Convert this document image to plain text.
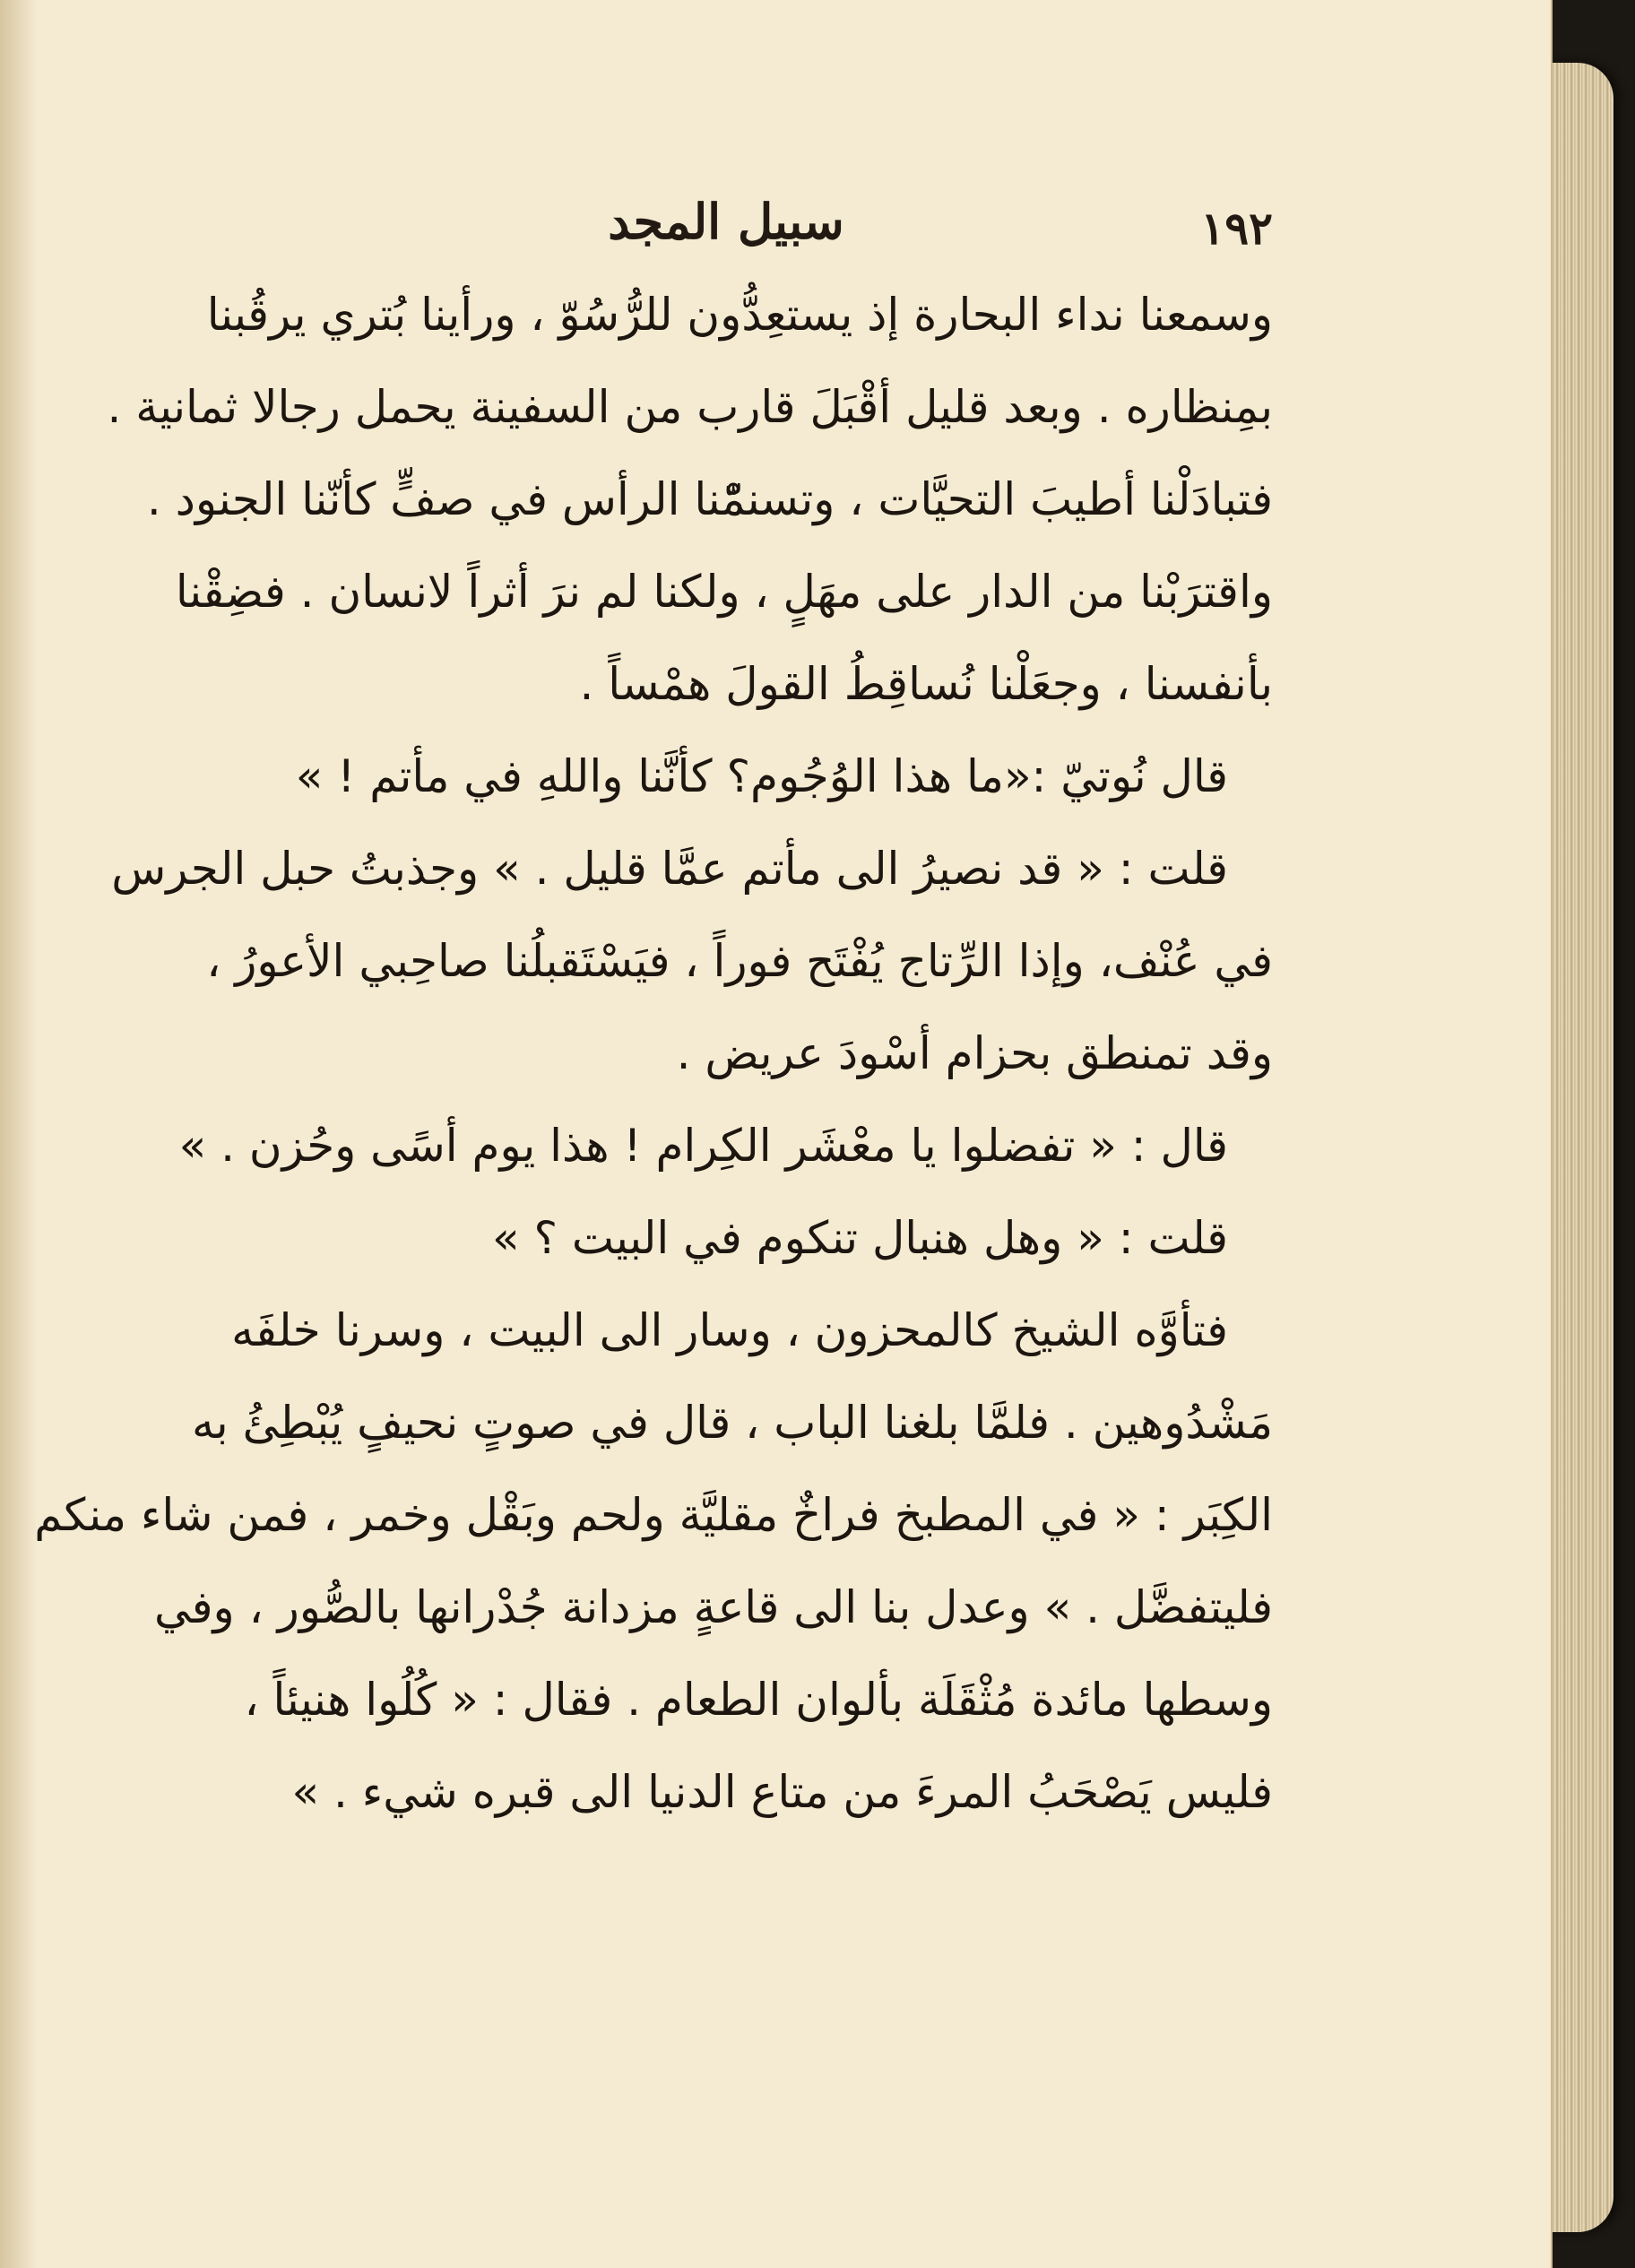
١٩٢
سبيل المجد
وسمعنا نداء البحارة إذ يستعِدُّون للرُّسُوّ ، ورأينا بُتري يرقُبنا
بمِنظاره . وبعد قليل أقْبَلَ قارب من السفينة يحمل رجالا ثمانية .
فتبادَلْنا أطيبَ التحيَّات ، وتسنمّْنا الرأس في صفٍّ كأنّنا الجنود .
واقترَبْنا من الدار على مهَلٍ ، ولكنا لم نرَ أثراً لانسان . فضِقْنا
بأنفسنا ، وجعَلْنا نُساقِطُ القولَ همْساً .
قال نُوتيّ :«ما هذا الوُجُوم؟ كأنَّنا واللهِ في مأتم ! »
قلت : « قد نصيرُ الى مأتم عمَّا قليل . » وجذبتُ حبل الجرس
في عُنْف، وإذا الرِّتاج يُفْتَح فوراً ، فيَسْتَقبلُنا صاحِبي الأعورُ ،
وقد تمنطق بحزام أسْودَ عريض .
قال : « تفضلوا يا معْشَر الكِرام ! هذا يوم أسًى وحُزن . »
قلت : « وهل هنبال تنكوم في البيت ؟ »
فتأوَّه الشيخ كالمحزون ، وسار الى البيت ، وسرنا خلفَه
مَشْدُوهين . فلمَّا بلغنا الباب ، قال في صوتٍ نحيفٍ يُبْطِئُ به
الكِبَر : « في المطبخ فراخٌ مقليَّة ولحم وبَقْل وخمر ، فمن شاء منكم
فليتفضَّل . » وعدل بنا الى قاعةٍ مزدانة جُدْرانها بالصُّور ، وفي
وسطها مائدة مُثْقَلَة بألوان الطعام . فقال : « كُلُوا هنيئاً ،
فليس يَصْحَبُ المرءَ من متاع الدنيا الى قبره شيء . »
